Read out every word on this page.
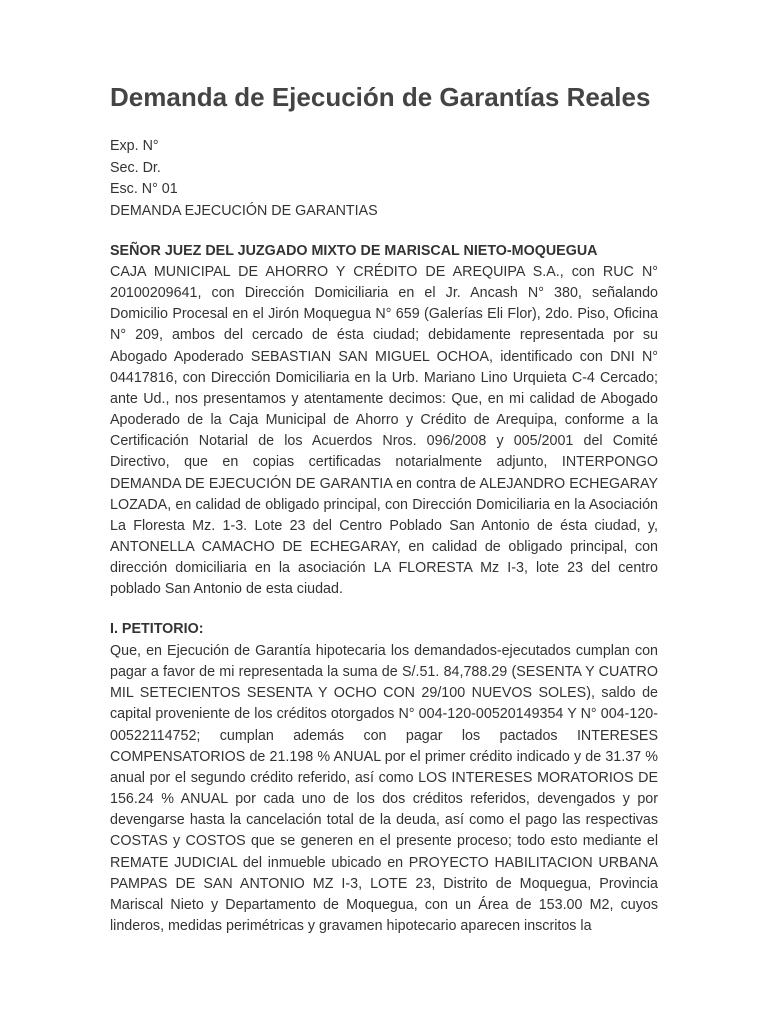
Demanda de Ejecución de Garantías Reales
Exp. N°
Sec. Dr.
Esc. N° 01
DEMANDA EJECUCIÓN DE GARANTIAS
SEÑOR JUEZ DEL JUZGADO MIXTO DE MARISCAL NIETO-MOQUEGUA

CAJA MUNICIPAL DE AHORRO Y CRÉDITO DE AREQUIPA S.A., con RUC N° 20100209641, con Dirección Domiciliaria en el Jr. Ancash N° 380, señalando Domicilio Procesal en el Jirón Moquegua N° 659 (Galerías Eli Flor), 2do. Piso, Oficina N° 209, ambos del cercado de ésta ciudad; debidamente representada por su Abogado Apoderado SEBASTIAN SAN MIGUEL OCHOA, identificado con DNI N° 04417816, con Dirección Domiciliaria en la Urb. Mariano Lino Urquieta C-4 Cercado; ante Ud., nos presentamos y atentamente decimos: Que, en mi calidad de Abogado Apoderado de la Caja Municipal de Ahorro y Crédito de Arequipa, conforme a la Certificación Notarial de los Acuerdos Nros. 096/2008 y 005/2001 del Comité Directivo, que en copias certificadas notarialmente adjunto, INTERPONGO DEMANDA DE EJECUCIÓN DE GARANTIA en contra de ALEJANDRO ECHEGARAY LOZADA, en calidad de obligado principal, con Dirección Domiciliaria en la Asociación La Floresta Mz. 1-3. Lote 23 del Centro Poblado San Antonio de ésta ciudad, y, ANTONELLA CAMACHO DE ECHEGARAY, en calidad de obligado principal, con dirección domiciliaria en la asociación LA FLORESTA Mz I-3, lote 23 del centro poblado San Antonio de esta ciudad.

I. PETITORIO:

Que, en Ejecución de Garantía hipotecaria los demandados-ejecutados cumplan con pagar a favor de mi representada la suma de S/.51. 84,788.29 (SESENTA Y CUATRO MIL SETECIENTOS SESENTA Y OCHO CON 29/100 NUEVOS SOLES), saldo de capital proveniente de los créditos otorgados N° 004-120-00520149354 Y N° 004-120-00522114752; cumplan además con pagar los pactados INTERESES COMPENSATORIOS de 21.198 % ANUAL por el primer crédito indicado y de 31.37 % anual por el segundo crédito referido, así como LOS INTERESES MORATORIOS DE 156.24 % ANUAL por cada uno de los dos créditos referidos, devengados y por devengarse hasta la cancelación total de la deuda, así como el pago las respectivas COSTAS y COSTOS que se generen en el presente proceso; todo esto mediante el REMATE JUDICIAL del inmueble ubicado en PROYECTO HABILITACION URBANA PAMPAS DE SAN ANTONIO MZ I-3, LOTE 23, Distrito de Moquegua, Provincia Mariscal Nieto y Departamento de Moquegua, con un Área de 153.00 M2, cuyos linderos, medidas perimétricas y gravamen hipotecario aparecen inscritos la
